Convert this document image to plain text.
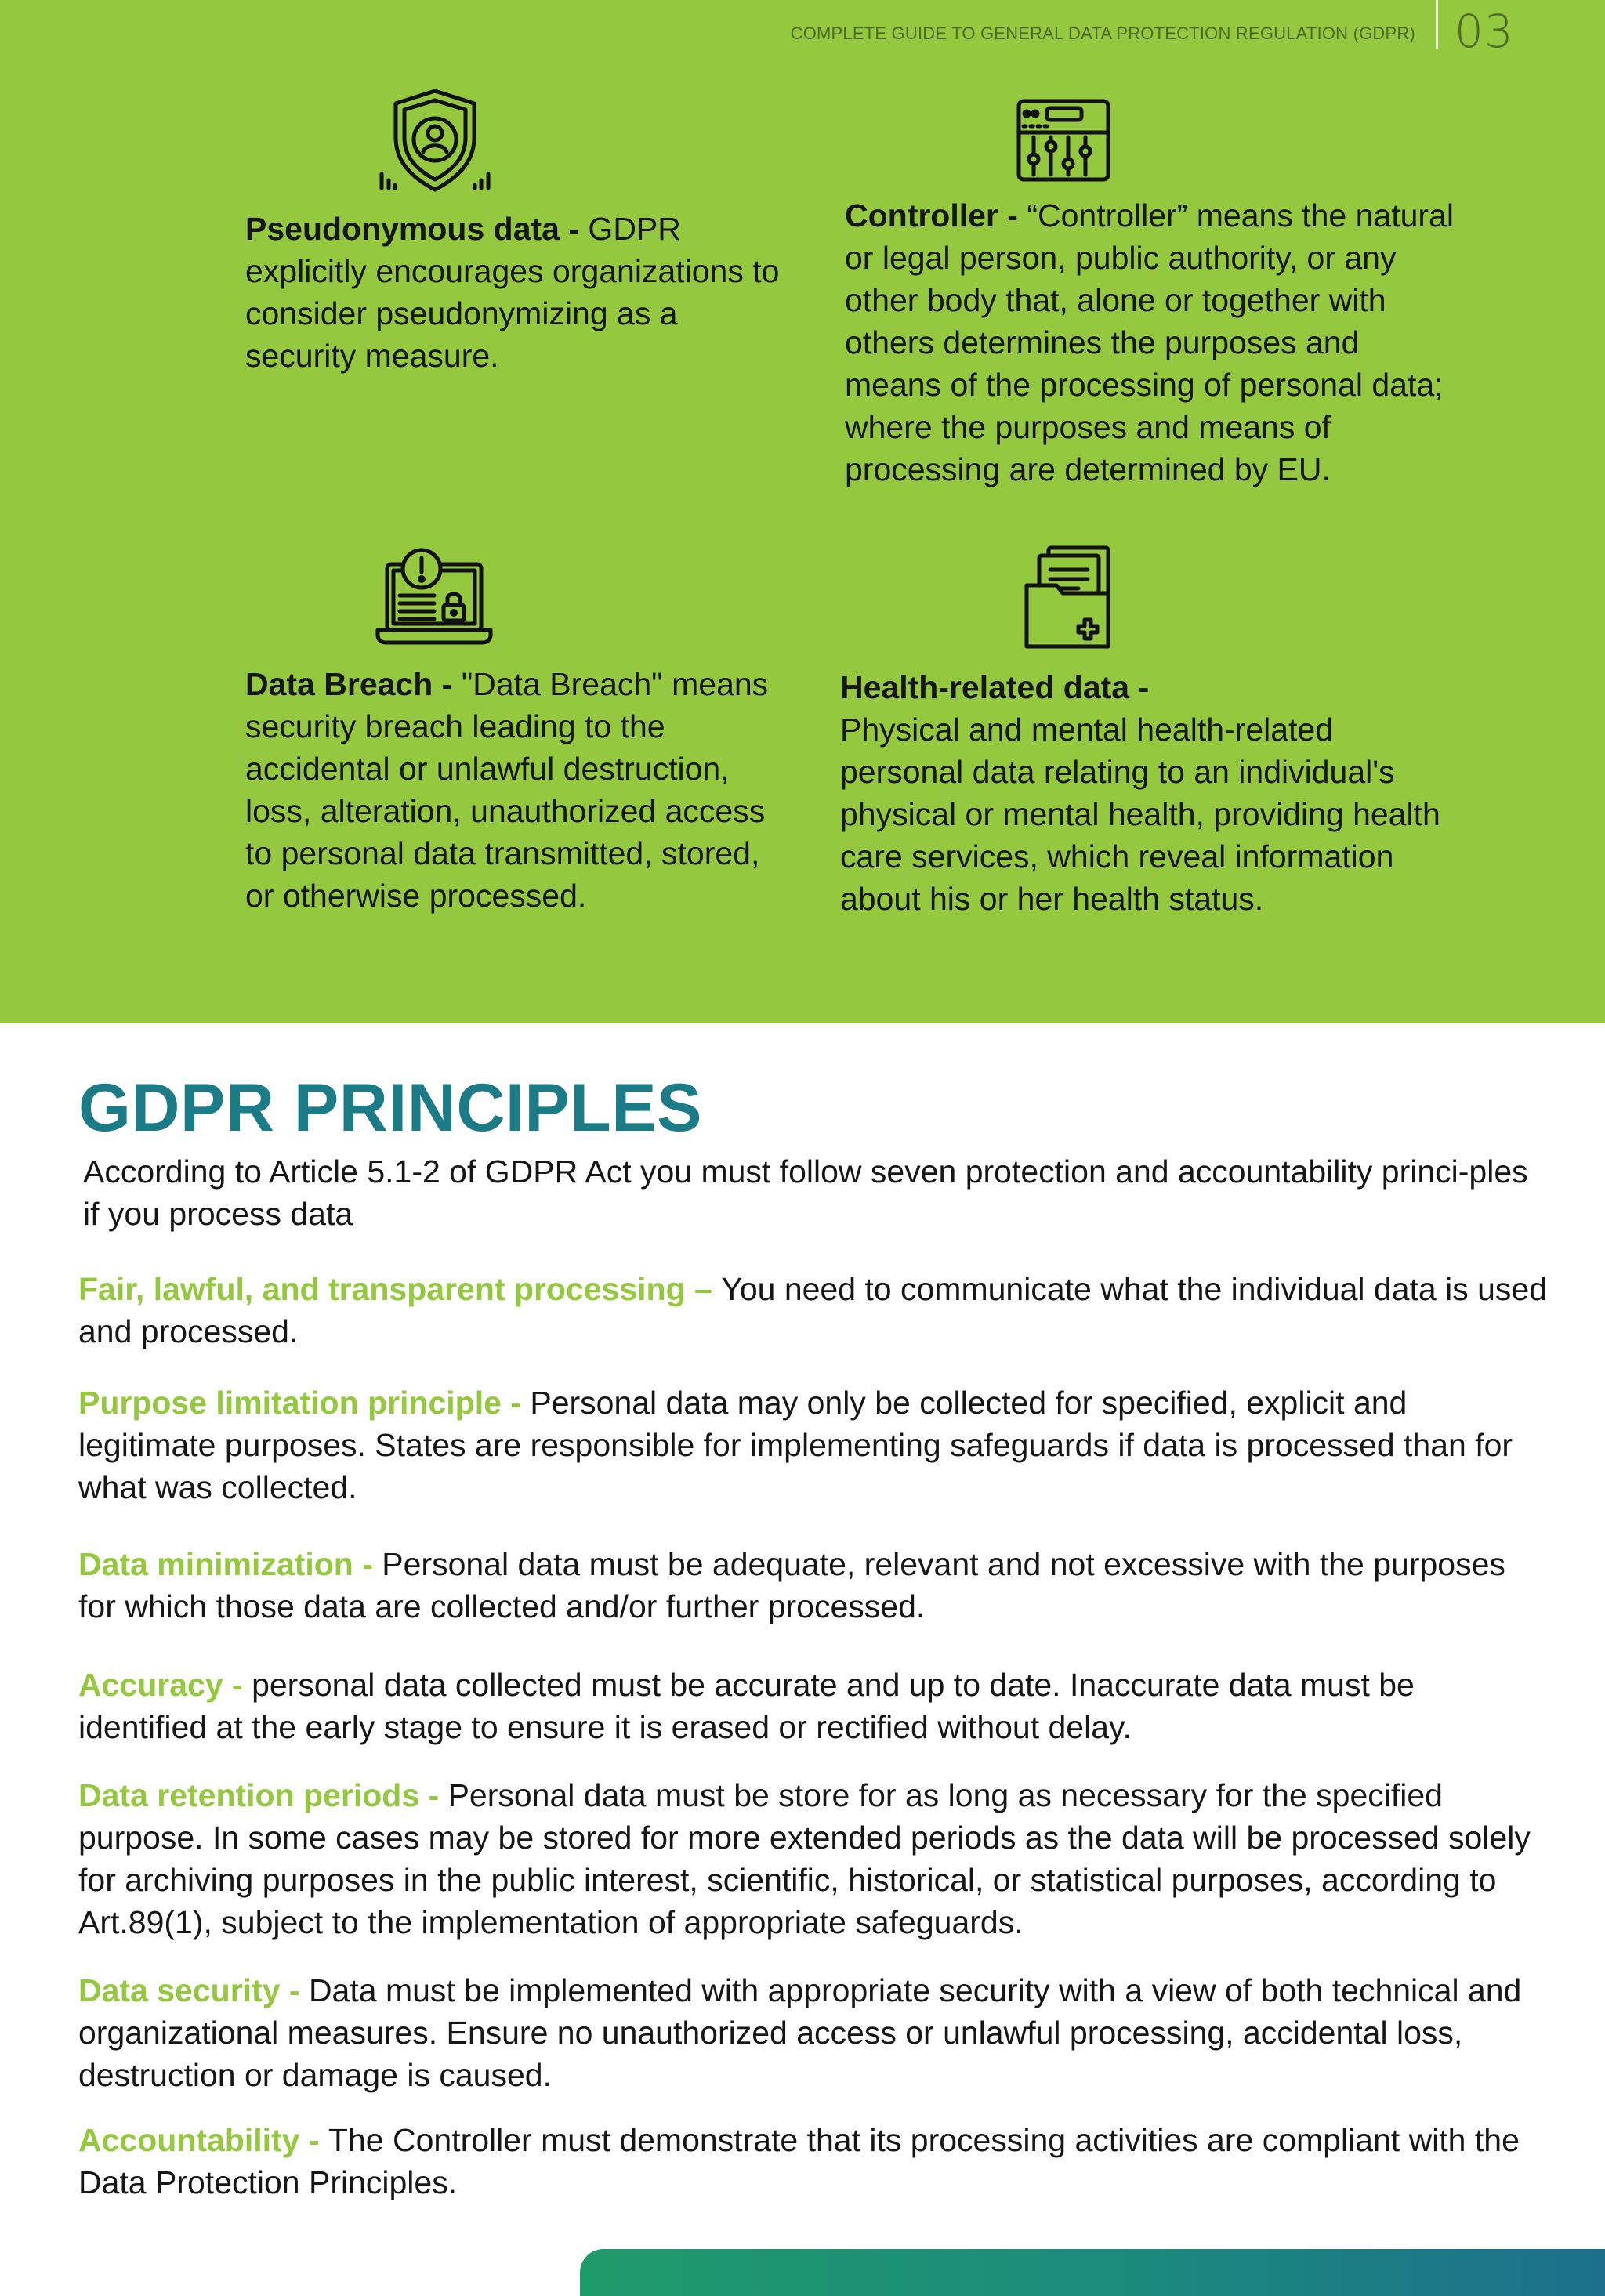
COMPLETE GUIDE TO GENERAL DATA PROTECTION REGULATION (GDPR) 03
Pseudonymous data - GDPR explicitly encourages organizations to consider pseudonymizing as a security measure.
Controller - “Controller” means the natural or legal person, public authority, or any other body that, alone or together with others determines the purposes and means of the processing of personal data; where the purposes and means of processing are determined by EU.
Data Breach - "Data Breach" means security breach leading to the accidental or unlawful destruction, loss, alteration, unauthorized access to personal data transmitted, stored, or otherwise processed.
Health-related data -
Physical and mental health-related personal data relating to an individual's physical or mental health, providing health care services, which reveal information about his or her health status.
GDPR PRINCIPLES
According to Article 5.1-2 of GDPR Act you must follow seven protection and accountability princi-ples if you process data
Fair, lawful, and transparent processing – You need to communicate what the individual data is used and processed.
Purpose limitation principle - Personal data may only be collected for specified, explicit and legitimate purposes. States are responsible for implementing safeguards if data is processed than for what was collected.
Data minimization - Personal data must be adequate, relevant and not excessive with the purposes for which those data are collected and/or further processed.
Accuracy - personal data collected must be accurate and up to date. Inaccurate data must be identified at the early stage to ensure it is erased or rectified without delay.
Data retention periods - Personal data must be store for as long as necessary for the specified purpose. In some cases may be stored for more extended periods as the data will be processed solely for archiving purposes in the public interest, scientific, historical, or statistical purposes, according to Art.89(1), subject to the implementation of appropriate safeguards.
Data security - Data must be implemented with appropriate security with a view of both technical and organizational measures. Ensure no unauthorized access or unlawful processing, accidental loss, destruction or damage is caused.
Accountability - The Controller must demonstrate that its processing activities are compliant with the Data Protection Principles.
